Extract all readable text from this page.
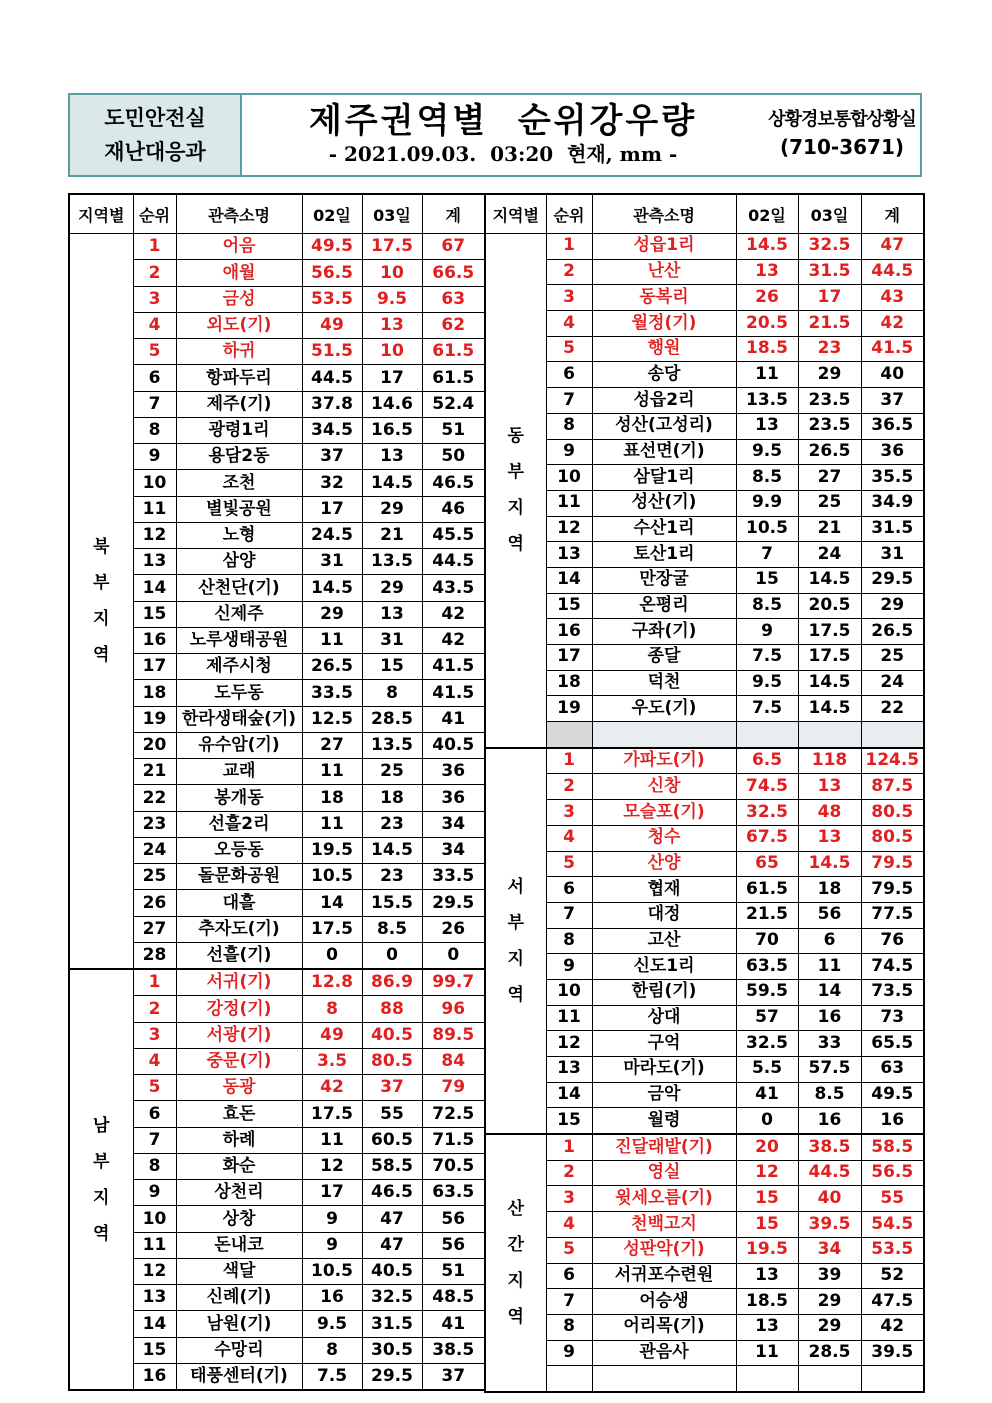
도민안전실
재난대응과
제주권역별  순위강우량
- 2021.09.03.  03:20  현재, mm -
상황경보통합상황실
(710-3671)
지역별	순위	관측소명	02일	03일	계

북
부
지
역	1	어음	49.5	17.5	67
	2	애월	56.5	10	66.5
	3	금성	53.5	9.5	63
	4	외도(기)	49	13	62
	5	하귀	51.5	10	61.5
	6	항파두리	44.5	17	61.5
	7	제주(기)	37.8	14.6	52.4
	8	광령1리	34.5	16.5	51
	9	용담2동	37	13	50
	10	조천	32	14.5	46.5
	11	별빛공원	17	29	46
	12	노형	24.5	21	45.5
	13	삼양	31	13.5	44.5
	14	산천단(기)	14.5	29	43.5
	15	신제주	29	13	42
	16	노루생태공원	11	31	42
	17	제주시청	26.5	15	41.5
	18	도두동	33.5	8	41.5
	19	한라생태숲(기)	12.5	28.5	41
	20	유수암(기)	27	13.5	40.5
	21	교래	11	25	36
	22	봉개동	18	18	36
	23	선흘2리	11	23	34
	24	오등동	19.5	14.5	34
	25	돌문화공원	10.5	23	33.5
	26	대흘	14	15.5	29.5
	27	추자도(기)	17.5	8.5	26
	28	선흘(기)	0	0	0

남
부
지
역	1	서귀(기)	12.8	86.9	99.7
	2	강정(기)	8	88	96
	3	서광(기)	49	40.5	89.5
	4	중문(기)	3.5	80.5	84
	5	동광	42	37	79
	6	효돈	17.5	55	72.5
	7	하례	11	60.5	71.5
	8	화순	12	58.5	70.5
	9	상천리	17	46.5	63.5
	10	상창	9	47	56
	11	돈내코	9	47	56
	12	색달	10.5	40.5	51
	13	신례(기)	16	32.5	48.5
	14	남원(기)	9.5	31.5	41
	15	수망리	8	30.5	38.5
	16	태풍센터(기)	7.5	29.5	37
지역별	순위	관측소명	02일	03일	계

동
부
지
역	1	성읍1리	14.5	32.5	47
	2	난산	13	31.5	44.5
	3	동복리	26	17	43
	4	월정(기)	20.5	21.5	42
	5	행원	18.5	23	41.5
	6	송당	11	29	40
	7	성읍2리	13.5	23.5	37
	8	성산(고성리)	13	23.5	36.5
	9	표선면(기)	9.5	26.5	36
	10	삼달1리	8.5	27	35.5
	11	성산(기)	9.9	25	34.9
	12	수산1리	10.5	21	31.5
	13	토산1리	7	24	31
	14	만장굴	15	14.5	29.5
	15	온평리	8.5	20.5	29
	16	구좌(기)	9	17.5	26.5
	17	종달	7.5	17.5	25
	18	덕천	9.5	14.5	24
	19	우도(기)	7.5	14.5	22

서
부
지
역	1	가파도(기)	6.5	118	124.5
	2	신창	74.5	13	87.5
	3	모슬포(기)	32.5	48	80.5
	4	청수	67.5	13	80.5
	5	산양	65	14.5	79.5
	6	협재	61.5	18	79.5
	7	대정	21.5	56	77.5
	8	고산	70	6	76
	9	신도1리	63.5	11	74.5
	10	한림(기)	59.5	14	73.5
	11	상대	57	16	73
	12	구억	32.5	33	65.5
	13	마라도(기)	5.5	57.5	63
	14	금악	41	8.5	49.5
	15	월령	0	16	16

산
간
지
역	1	진달래밭(기)	20	38.5	58.5
	2	영실	12	44.5	56.5
	3	윗세오름(기)	15	40	55
	4	천백고지	15	39.5	54.5
	5	성판악(기)	19.5	34	53.5
	6	서귀포수련원	13	39	52
	7	어승생	18.5	29	47.5
	8	어리목(기)	13	29	42
	9	관음사	11	28.5	39.5
